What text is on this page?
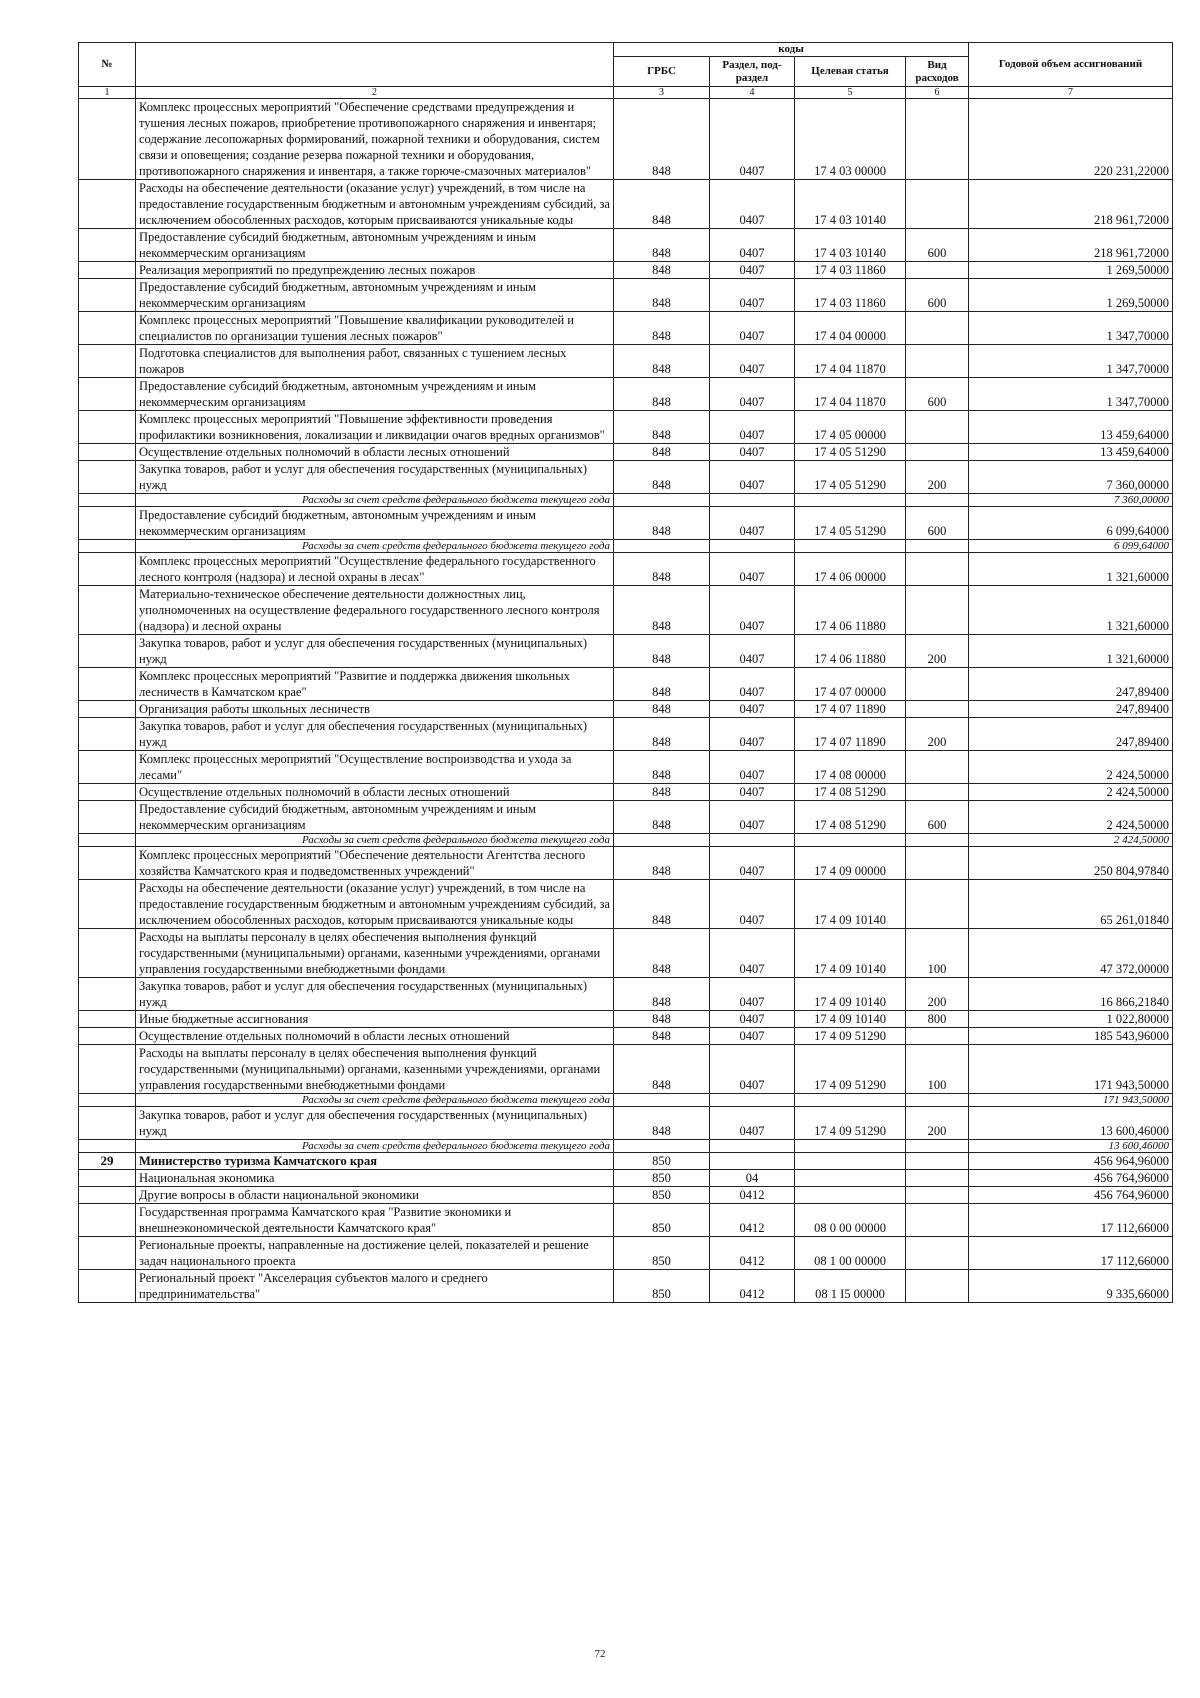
№		коды				Годовой объем ассигнований
		ГРБС	Раздел, под-раздел	Целевая статья	Вид расходов	
1	2	3	4	5	6	7
	Комплекс процессных мероприятий "Обеспечение средствами предупреждения и тушения лесных пожаров, приобретение противопожарного снаряжения и инвентаря; содержание лесопожарных формирований, пожарной техники и оборудования, систем связи и оповещения; создание резерва пожарной техники и оборудования, противопожарного снаряжения и инвентаря, а также горюче-смазочных материалов"	848	0407	17 4 03 00000		220 231,22000
	Расходы на обеспечение деятельности (оказание услуг) учреждений, в том числе на предоставление государственным бюджетным и автономным учреждениям субсидий, за исключением обособленных расходов, которым присваиваются уникальные коды	848	0407	17 4 03 10140		218 961,72000
	Предоставление субсидий бюджетным, автономным учреждениям и иным некоммерческим организациям	848	0407	17 4 03 10140	600	218 961,72000
	Реализация мероприятий по предупреждению лесных пожаров	848	0407	17 4 03 11860		1 269,50000
	Предоставление субсидий бюджетным, автономным учреждениям и иным некоммерческим организациям	848	0407	17 4 03 11860	600	1 269,50000
	Комплекс процессных мероприятий "Повышение квалификации руководителей и специалистов по организации тушения лесных пожаров"	848	0407	17 4 04 00000		1 347,70000
	Подготовка специалистов для выполнения работ, связанных с тушением лесных пожаров	848	0407	17 4 04 11870		1 347,70000
	Предоставление субсидий бюджетным, автономным учреждениям и иным некоммерческим организациям	848	0407	17 4 04 11870	600	1 347,70000
	Комплекс процессных мероприятий "Повышение эффективности проведения профилактики возникновения, локализации и ликвидации очагов вредных организмов"	848	0407	17 4 05 00000		13 459,64000
	Осуществление отдельных полномочий в области лесных отношений	848	0407	17 4 05 51290		13 459,64000
	Закупка товаров, работ и услуг для обеспечения государственных (муниципальных) нужд	848	0407	17 4 05 51290	200	7 360,00000
	Расходы за счет средств федерального бюджета текущего года					7 360,00000
	Предоставление субсидий бюджетным, автономным учреждениям и иным некоммерческим организациям	848	0407	17 4 05 51290	600	6 099,64000
	Расходы за счет средств федерального бюджета текущего года					6 099,64000
	Комплекс процессных мероприятий "Осуществление федерального государственного лесного контроля (надзора) и лесной охраны в лесах"	848	0407	17 4 06 00000		1 321,60000
	Материально-техническое обеспечение деятельности должностных лиц, уполномоченных на осуществление федерального государственного лесного контроля (надзора) и лесной охраны	848	0407	17 4 06 11880		1 321,60000
	Закупка товаров, работ и услуг для обеспечения государственных (муниципальных) нужд	848	0407	17 4 06 11880	200	1 321,60000
	Комплекс процессных мероприятий "Развитие и поддержка движения школьных лесничеств в Камчатском крае"	848	0407	17 4 07 00000		247,89400
	Организация работы школьных лесничеств	848	0407	17 4 07 11890		247,89400
	Закупка товаров, работ и услуг для обеспечения государственных (муниципальных) нужд	848	0407	17 4 07 11890	200	247,89400
	Комплекс процессных мероприятий "Осуществление воспроизводства и ухода за лесами"	848	0407	17 4 08 00000		2 424,50000
	Осуществление отдельных полномочий в области лесных отношений	848	0407	17 4 08 51290		2 424,50000
	Предоставление субсидий бюджетным, автономным учреждениям и иным некоммерческим организациям	848	0407	17 4 08 51290	600	2 424,50000
	Расходы за счет средств федерального бюджета текущего года					2 424,50000
	Комплекс процессных мероприятий "Обеспечение деятельности Агентства лесного хозяйства Камчатского края и подведомственных учреждений"	848	0407	17 4 09 00000		250 804,97840
	Расходы на обеспечение деятельности (оказание услуг) учреждений, в том числе на предоставление государственным бюджетным и автономным учреждениям субсидий, за исключением обособленных расходов, которым присваиваются уникальные коды	848	0407	17 4 09 10140		65 261,01840
	Расходы на выплаты персоналу в целях обеспечения выполнения функций государственными (муниципальными) органами, казенными учреждениями, органами управления государственными внебюджетными фондами	848	0407	17 4 09 10140	100	47 372,00000
	Закупка товаров, работ и услуг для обеспечения государственных (муниципальных) нужд	848	0407	17 4 09 10140	200	16 866,21840
	Иные бюджетные ассигнования	848	0407	17 4 09 10140	800	1 022,80000
	Осуществление отдельных полномочий в области лесных отношений	848	0407	17 4 09 51290		185 543,96000
	Расходы на выплаты персоналу в целях обеспечения выполнения функций государственными (муниципальными) органами, казенными учреждениями, органами управления государственными внебюджетными фондами	848	0407	17 4 09 51290	100	171 943,50000
	Расходы за счет средств федерального бюджета текущего года					171 943,50000
	Закупка товаров, работ и услуг для обеспечения государственных (муниципальных) нужд	848	0407	17 4 09 51290	200	13 600,46000
	Расходы за счет средств федерального бюджета текущего года					13 600,46000
29	Министерство туризма Камчатского края	850				456 964,96000
	Национальная экономика	850	04			456 764,96000
	Другие вопросы в области национальной экономики	850	0412			456 764,96000
	Государственная программа Камчатского края "Развитие экономики и внешнеэкономической деятельности Камчатского края"	850	0412	08 0 00 00000		17 112,66000
	Региональные проекты, направленные на достижение целей, показателей и решение задач национального проекта	850	0412	08 1 00 00000		17 112,66000
	Региональный проект "Акселерация субъектов малого и среднего предпринимательства"	850	0412	08 1 I5 00000		9 335,66000
72
